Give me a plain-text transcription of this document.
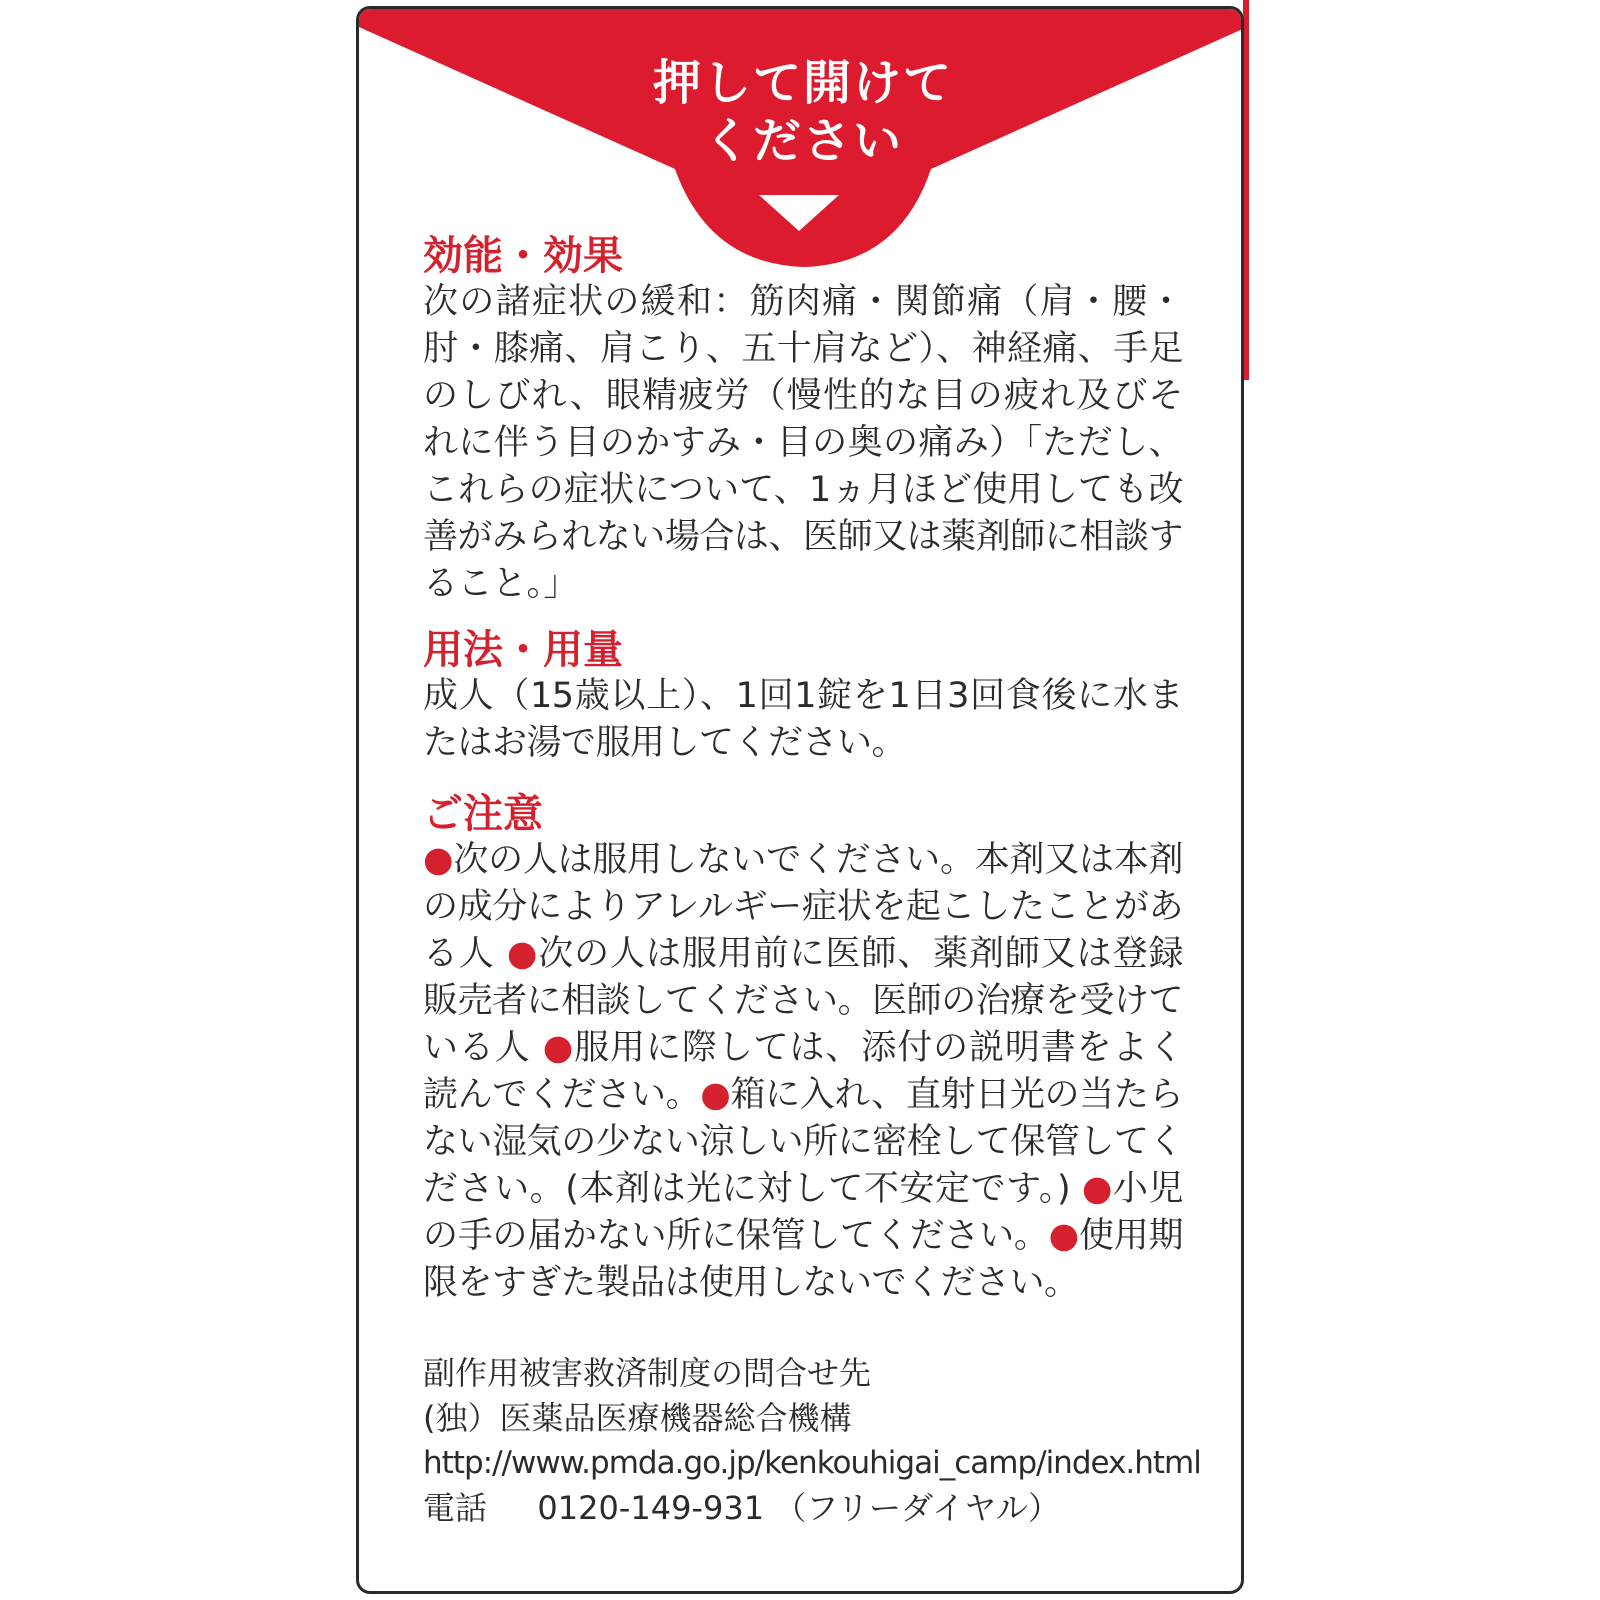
押して開けて
ください
効能・効果

次の諸症状の緩和：筋肉痛・関節痛（肩・腰・肘・膝痛、肩こり、五十肩など）、神経痛、手足のしびれ、眼精疲労（慢性的な目の疲れ及びそれに伴う目のかすみ・目の奥の痛み）「ただし、これらの症状について、1ヵ月ほど使用しても改善がみられない場合は、医師又は薬剤師に相談すること。」

用法・用量

成人（15歳以上）、1回1錠を1日3回食後に水またはお湯で服用してください。

ご注意

●次の人は服用しないでください。本剤又は本剤の成分によりアレルギー症状を起こしたことがある人 ●次の人は服用前に医師、薬剤師又は登録販売者に相談してください。医師の治療を受けている人 ●服用に際しては、添付の説明書をよく読んでください。●箱に入れ、直射日光の当たらない湿気の少ない涼しい所に密栓して保管してください。(本剤は光に対して不安定です。) ●小児の手の届かない所に保管してください。●使用期限をすぎた製品は使用しないでください。

副作用被害救済制度の問合せ先

(独）医薬品医療機器総合機構

http://www.pmda.go.jp/kenkouhigai_camp/index.html

電話 0120-149-931 （フリーダイヤル）
